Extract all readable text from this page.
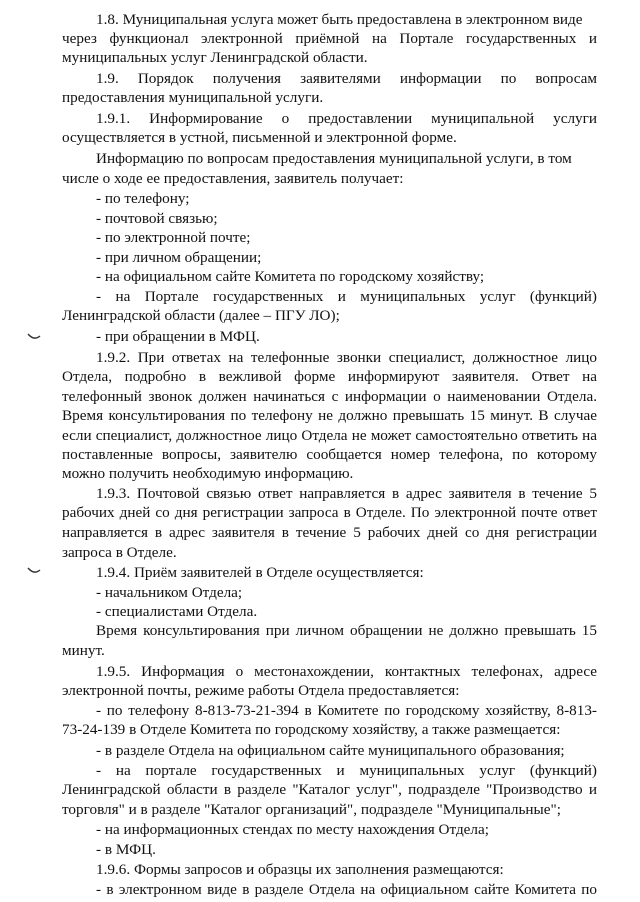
1.8. Муниципальная услуга может быть предоставлена в электронном виде
через функционал электронной приёмной на Портале государственных и
муниципальных услуг Ленинградской области.
1.9. Порядок получения заявителями информации по вопросам
предоставления муниципальной услуги.
1.9.1. Информирование о предоставлении муниципальной услуги
осуществляется в устной, письменной и электронной форме.
Информацию по вопросам предоставления муниципальной услуги, в том
числе о ходе ее предоставления, заявитель получает:
- по телефону;
- почтовой связью;
- по электронной почте;
- при личном обращении;
- на официальном сайте Комитета по городскому хозяйству;
- на Портале государственных и муниципальных услуг (функций)
Ленинградской области (далее – ПГУ ЛО);
- при обращении в МФЦ.
1.9.2. При ответах на телефонные звонки специалист, должностное лицо
Отдела, подробно в вежливой форме информируют заявителя. Ответ на
телефонный звонок должен начинаться с информации о наименовании Отдела.
Время консультирования по телефону не должно превышать 15 минут. В случае
если специалист, должностное лицо Отдела не может самостоятельно ответить на
поставленные вопросы, заявителю сообщается номер телефона, по которому
можно получить необходимую информацию.
1.9.3. Почтовой связью ответ направляется в адрес заявителя в течение 5
рабочих дней со дня регистрации запроса в Отделе. По электронной почте ответ
направляется в адрес заявителя в течение 5 рабочих дней со дня регистрации
запроса в Отделе.
1.9.4. Приём заявителей в Отделе осуществляется:
- начальником Отдела;
- специалистами Отдела.
Время консультирования при личном обращении не должно превышать 15
минут.
1.9.5. Информация о местонахождении, контактных телефонах, адресе
электронной почты, режиме работы Отдела предоставляется:
- по телефону 8-813-73-21-394 в Комитете по городскому хозяйству, 8-813-
73-24-139 в Отделе Комитета по городскому хозяйству, а также размещается:
- в разделе Отдела на официальном сайте муниципального образования;
- на портале государственных и муниципальных услуг (функций)
Ленинградской области в разделе "Каталог услуг", подразделе "Производство и
торговля" и в разделе "Каталог организаций", подразделе "Муниципальные";
- на информационных стендах по месту нахождения Отдела;
- в МФЦ.
1.9.6. Формы запросов и образцы их заполнения размещаются:
- в электронном виде в разделе Отдела на официальном сайте Комитета по
